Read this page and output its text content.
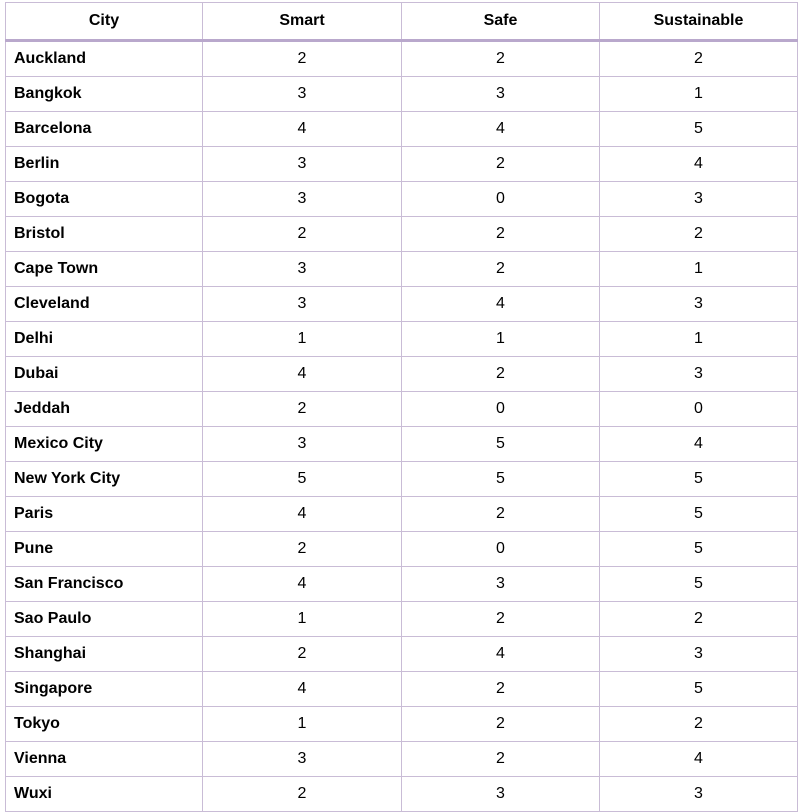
City	Smart	Safe	Sustainable
Auckland	2	2	2
Bangkok	3	3	1
Barcelona	4	4	5
Berlin	3	2	4
Bogota	3	0	3
Bristol	2	2	2
Cape Town	3	2	1
Cleveland	3	4	3
Delhi	1	1	1
Dubai	4	2	3
Jeddah	2	0	0
Mexico City	3	5	4
New York City	5	5	5
Paris	4	2	5
Pune	2	0	5
San Francisco	4	3	5
Sao Paulo	1	2	2
Shanghai	2	4	3
Singapore	4	2	5
Tokyo	1	2	2
Vienna	3	2	4
Wuxi	2	3	3
